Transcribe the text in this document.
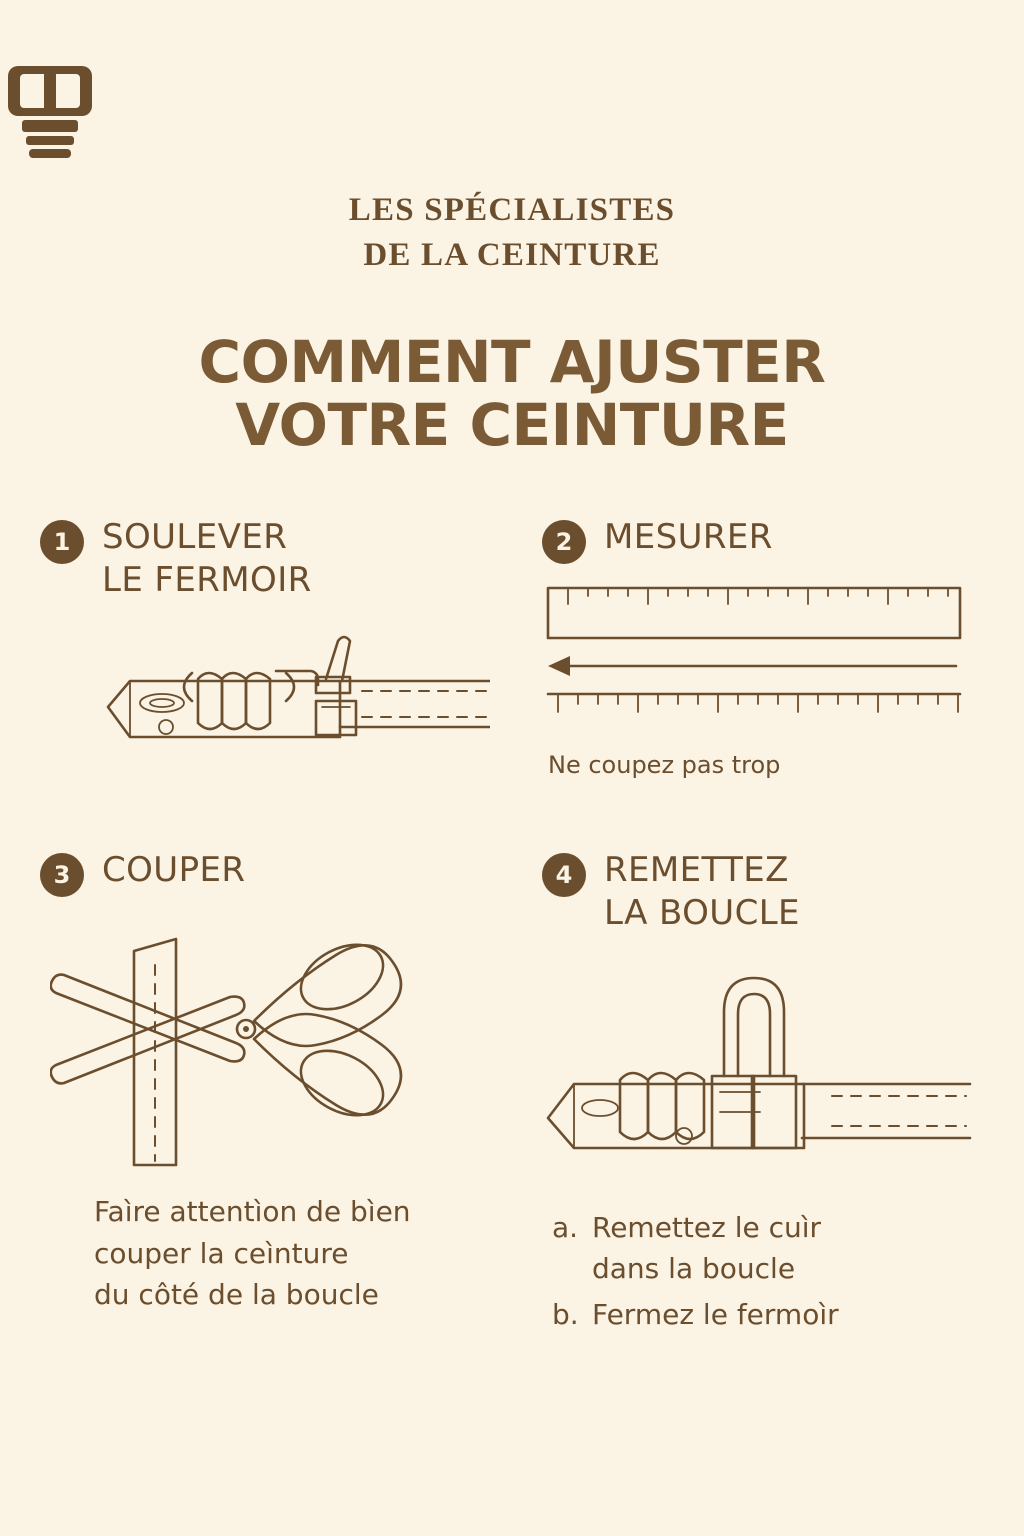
LES SPÉCIALISTES
DE LA CEINTURE
COMMENT AJUSTER
VOTRE CEINTURE
1 SOULEVER
LE FERMOIR
2 MESURER
Ne coupez pas trop
3 COUPER
Faìre attentìon de bìen
couper la ceìnture
du côté de la boucle
4 REMETTEZ
LA BOUCLE
a. Remettez le cuìr
dans la boucle
b. Fermez le fermoìr
